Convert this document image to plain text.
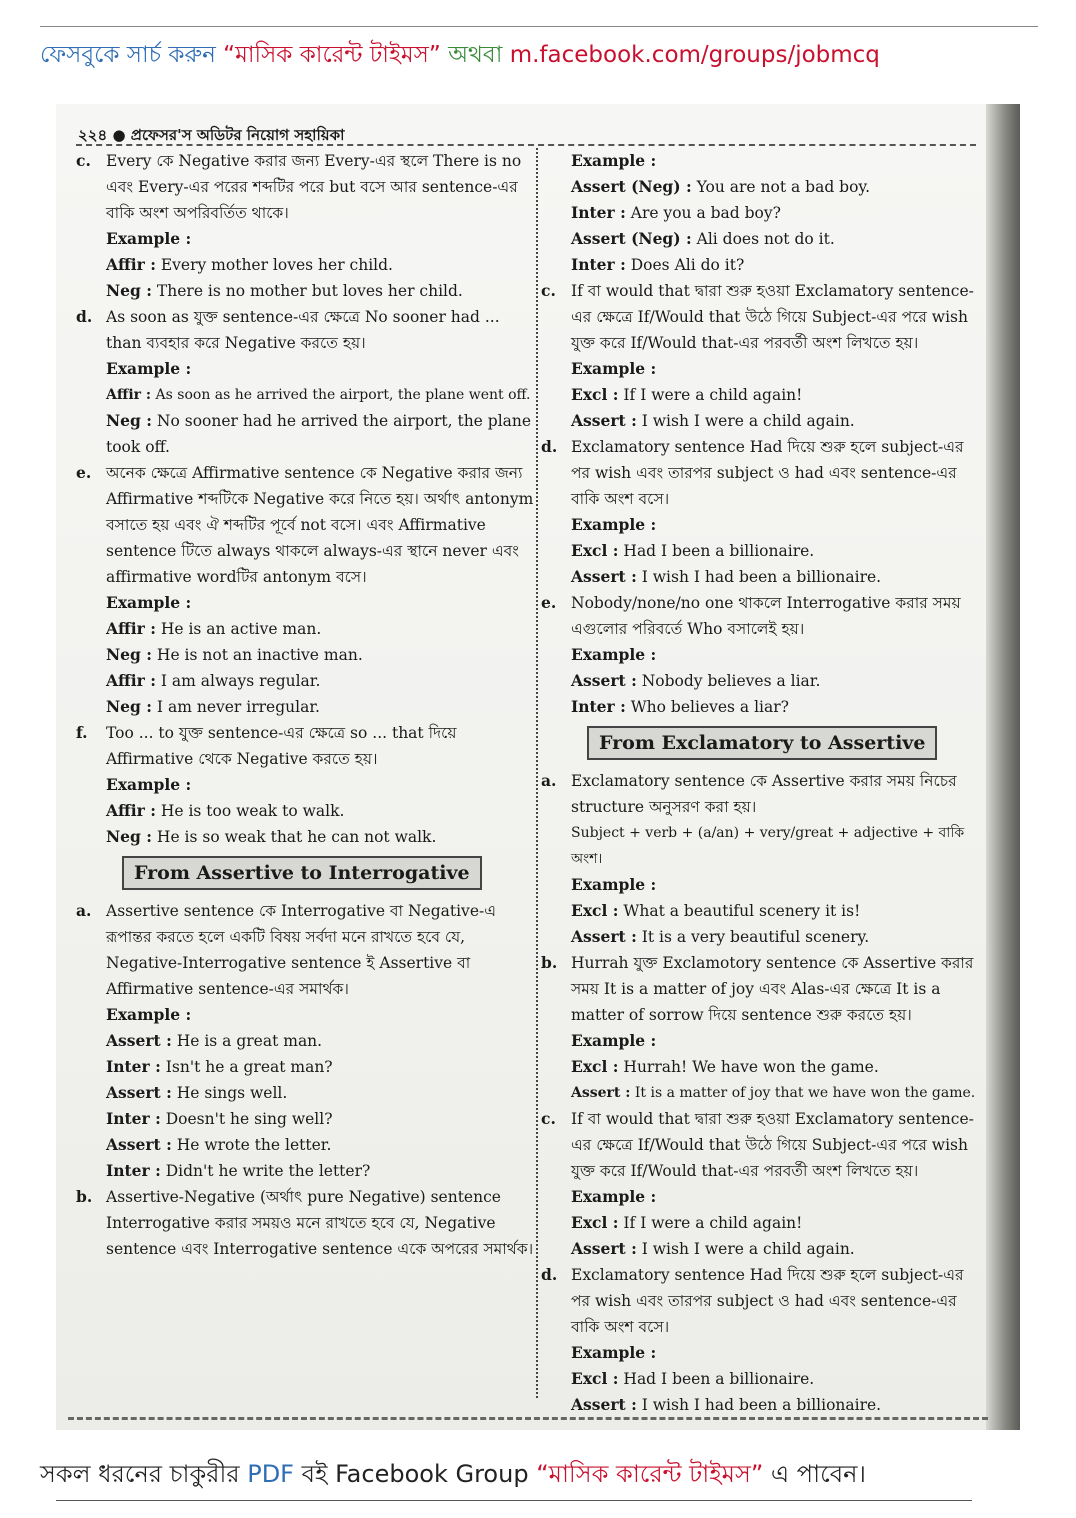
ফেসবুকে সার্চ করুন “মাসিক কারেন্ট টাইমস” অথবা m.facebook.com/groups/jobmcq
২২৪ ● প্রফেসর'স অডিটর নিয়োগ সহায়িকা
c. Every কে Negative করার জন্য Every-এর স্থলে There is no এবং Every-এর পরের শব্দটির পরে but বসে আর sentence-এর বাকি অংশ অপরিবর্তিত থাকে।
Example :
Affir : Every mother loves her child.
Neg : There is no mother but loves her child.
d. As soon as যুক্ত sentence-এর ক্ষেত্রে No sooner had ... than ব্যবহার করে Negative করতে হয়।
Example :
Affir : As soon as he arrived the airport, the plane went off.
Neg : No sooner had he arrived the airport, the plane took off.
e. অনেক ক্ষেত্রে Affirmative sentence কে Negative করার জন্য Affirmative শব্দটিকে Negative করে নিতে হয়। অর্থাৎ antonym বসাতে হয় এবং ঐ শব্দটির পূর্বে not বসে। এবং Affirmative sentence টিতে always থাকলে always-এর স্থানে never এবং affirmative wordটির antonym বসে।
Example :
Affir : He is an active man.
Neg : He is not an inactive man.
Affir : I am always regular.
Neg : I am never irregular.
f. Too ... to যুক্ত sentence-এর ক্ষেত্রে so ... that দিয়ে Affirmative থেকে Negative করতে হয়।
Example :
Affir : He is too weak to walk.
Neg : He is so weak that he can not walk.
From Assertive to Interrogative
a. Assertive sentence কে Interrogative বা Negative-এ রূপান্তর করতে হলে একটি বিষয় সর্বদা মনে রাখতে হবে যে, Negative-Interrogative sentence ই Assertive বা Affirmative sentence-এর সমার্থক।
Example :
Assert : He is a great man.
Inter : Isn't he a great man?
Assert : He sings well.
Inter : Doesn't he sing well?
Assert : He wrote the letter.
Inter : Didn't he write the letter?
b. Assertive-Negative (অর্থাৎ pure Negative) sentence Interrogative করার সময়ও মনে রাখতে হবে যে, Negative sentence এবং Interrogative sentence একে অপরের সমার্থক।
Example :
Assert (Neg) : You are not a bad boy.
Inter : Are you a bad boy?
Assert (Neg) : Ali does not do it.
Inter : Does Ali do it?
c. If বা would that দ্বারা শুরু হওয়া Exclamatory sentence-এর ক্ষেত্রে If/Would that উঠে গিয়ে Subject-এর পরে wish যুক্ত করে If/Would that-এর পরবর্তী অংশ লিখতে হয়।
Example :
Excl : If I were a child again!
Assert : I wish I were a child again.
d. Exclamatory sentence Had দিয়ে শুরু হলে subject-এর পর wish এবং তারপর subject ও had এবং sentence-এর বাকি অংশ বসে।
Example :
Excl : Had I been a billionaire.
Assert : I wish I had been a billionaire.
e. Nobody/none/no one থাকলে Interrogative করার সময় এগুলোর পরিবর্তে Who বসালেই হয়।
Example :
Assert : Nobody believes a liar.
Inter : Who believes a liar?
From Exclamatory to Assertive
a. Exclamatory sentence কে Assertive করার সময় নিচের structure অনুসরণ করা হয়।
Subject + verb + (a/an) + very/great + adjective + বাকি অংশ।
Example :
Excl : What a beautiful scenery it is!
Assert : It is a very beautiful scenery.
b. Hurrah যুক্ত Exclamotory sentence কে Assertive করার সময় It is a matter of joy এবং Alas-এর ক্ষেত্রে It is a matter of sorrow দিয়ে sentence শুরু করতে হয়।
Example :
Excl : Hurrah! We have won the game.
Assert : It is a matter of joy that we have won the game.
c. If বা would that দ্বারা শুরু হওয়া Exclamatory sentence-এর ক্ষেত্রে If/Would that উঠে গিয়ে Subject-এর পরে wish যুক্ত করে If/Would that-এর পরবর্তী অংশ লিখতে হয়।
Example :
Excl : If I were a child again!
Assert : I wish I were a child again.
d. Exclamatory sentence Had দিয়ে শুরু হলে subject-এর পর wish এবং তারপর subject ও had এবং sentence-এর বাকি অংশ বসে।
Example :
Excl : Had I been a billionaire.
Assert : I wish I had been a billionaire.
সকল ধরনের চাকুরীর PDF বই Facebook Group “মাসিক কারেন্ট টাইমস” এ পাবেন।
